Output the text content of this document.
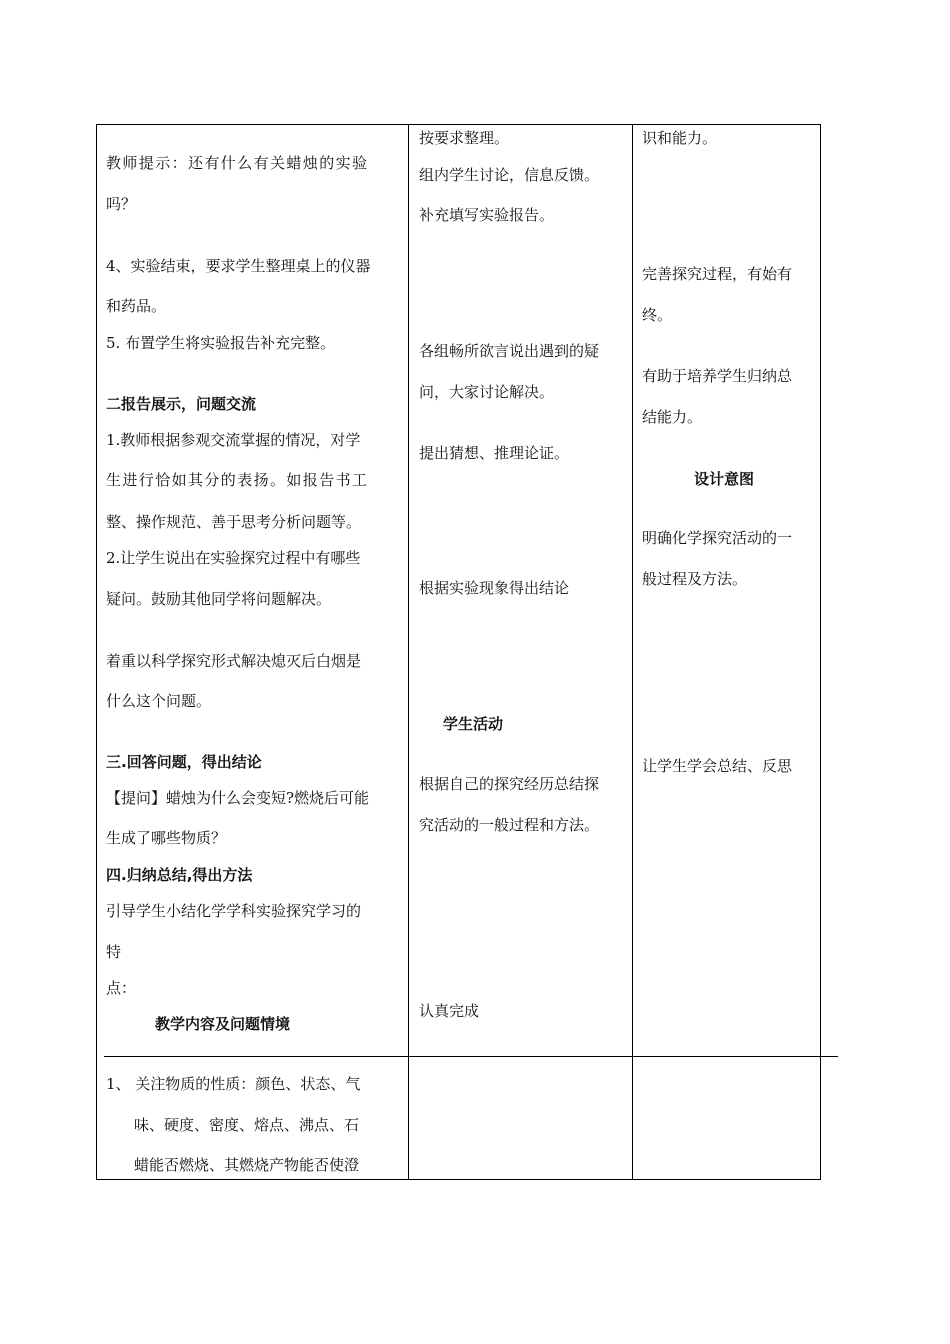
教师提示：还有什么有关蜡烛的实验
吗？
4、实验结束，要求学生整理桌上的仪器
和药品。
5. 布置学生将实验报告补充完整。
二报告展示，问题交流
1.教师根据参观交流掌握的情况，对学
生进行恰如其分的表扬。如报告书工
整、操作规范、善于思考分析问题等。
2.让学生说出在实验探究过程中有哪些
疑问。鼓励其他同学将问题解决。
着重以科学探究形式解决熄灭后白烟是
什么这个问题。
三.回答问题，得出结论
【提问】蜡烛为什么会变短?燃烧后可能
生成了哪些物质？
四.归纳总结,得出方法
引导学生小结化学学科实验探究学习的
特
点：
教学内容及问题情境
按要求整理。
组内学生讨论，信息反馈。
补充填写实验报告。
各组畅所欲言说出遇到的疑
问，大家讨论解决。
提出猜想、推理论证。
根据实验现象得出结论
学生活动
根据自己的探究经历总结探
究活动的一般过程和方法。
认真完成
识和能力。
完善探究过程，有始有
终。
有助于培养学生归纳总
结能力。
设计意图
明确化学探究活动的一
般过程及方法。
让学生学会总结、反思
1、 关注物质的性质：颜色、状态、气
味、硬度、密度、熔点、沸点、石
蜡能否燃烧、其燃烧产物能否使澄
